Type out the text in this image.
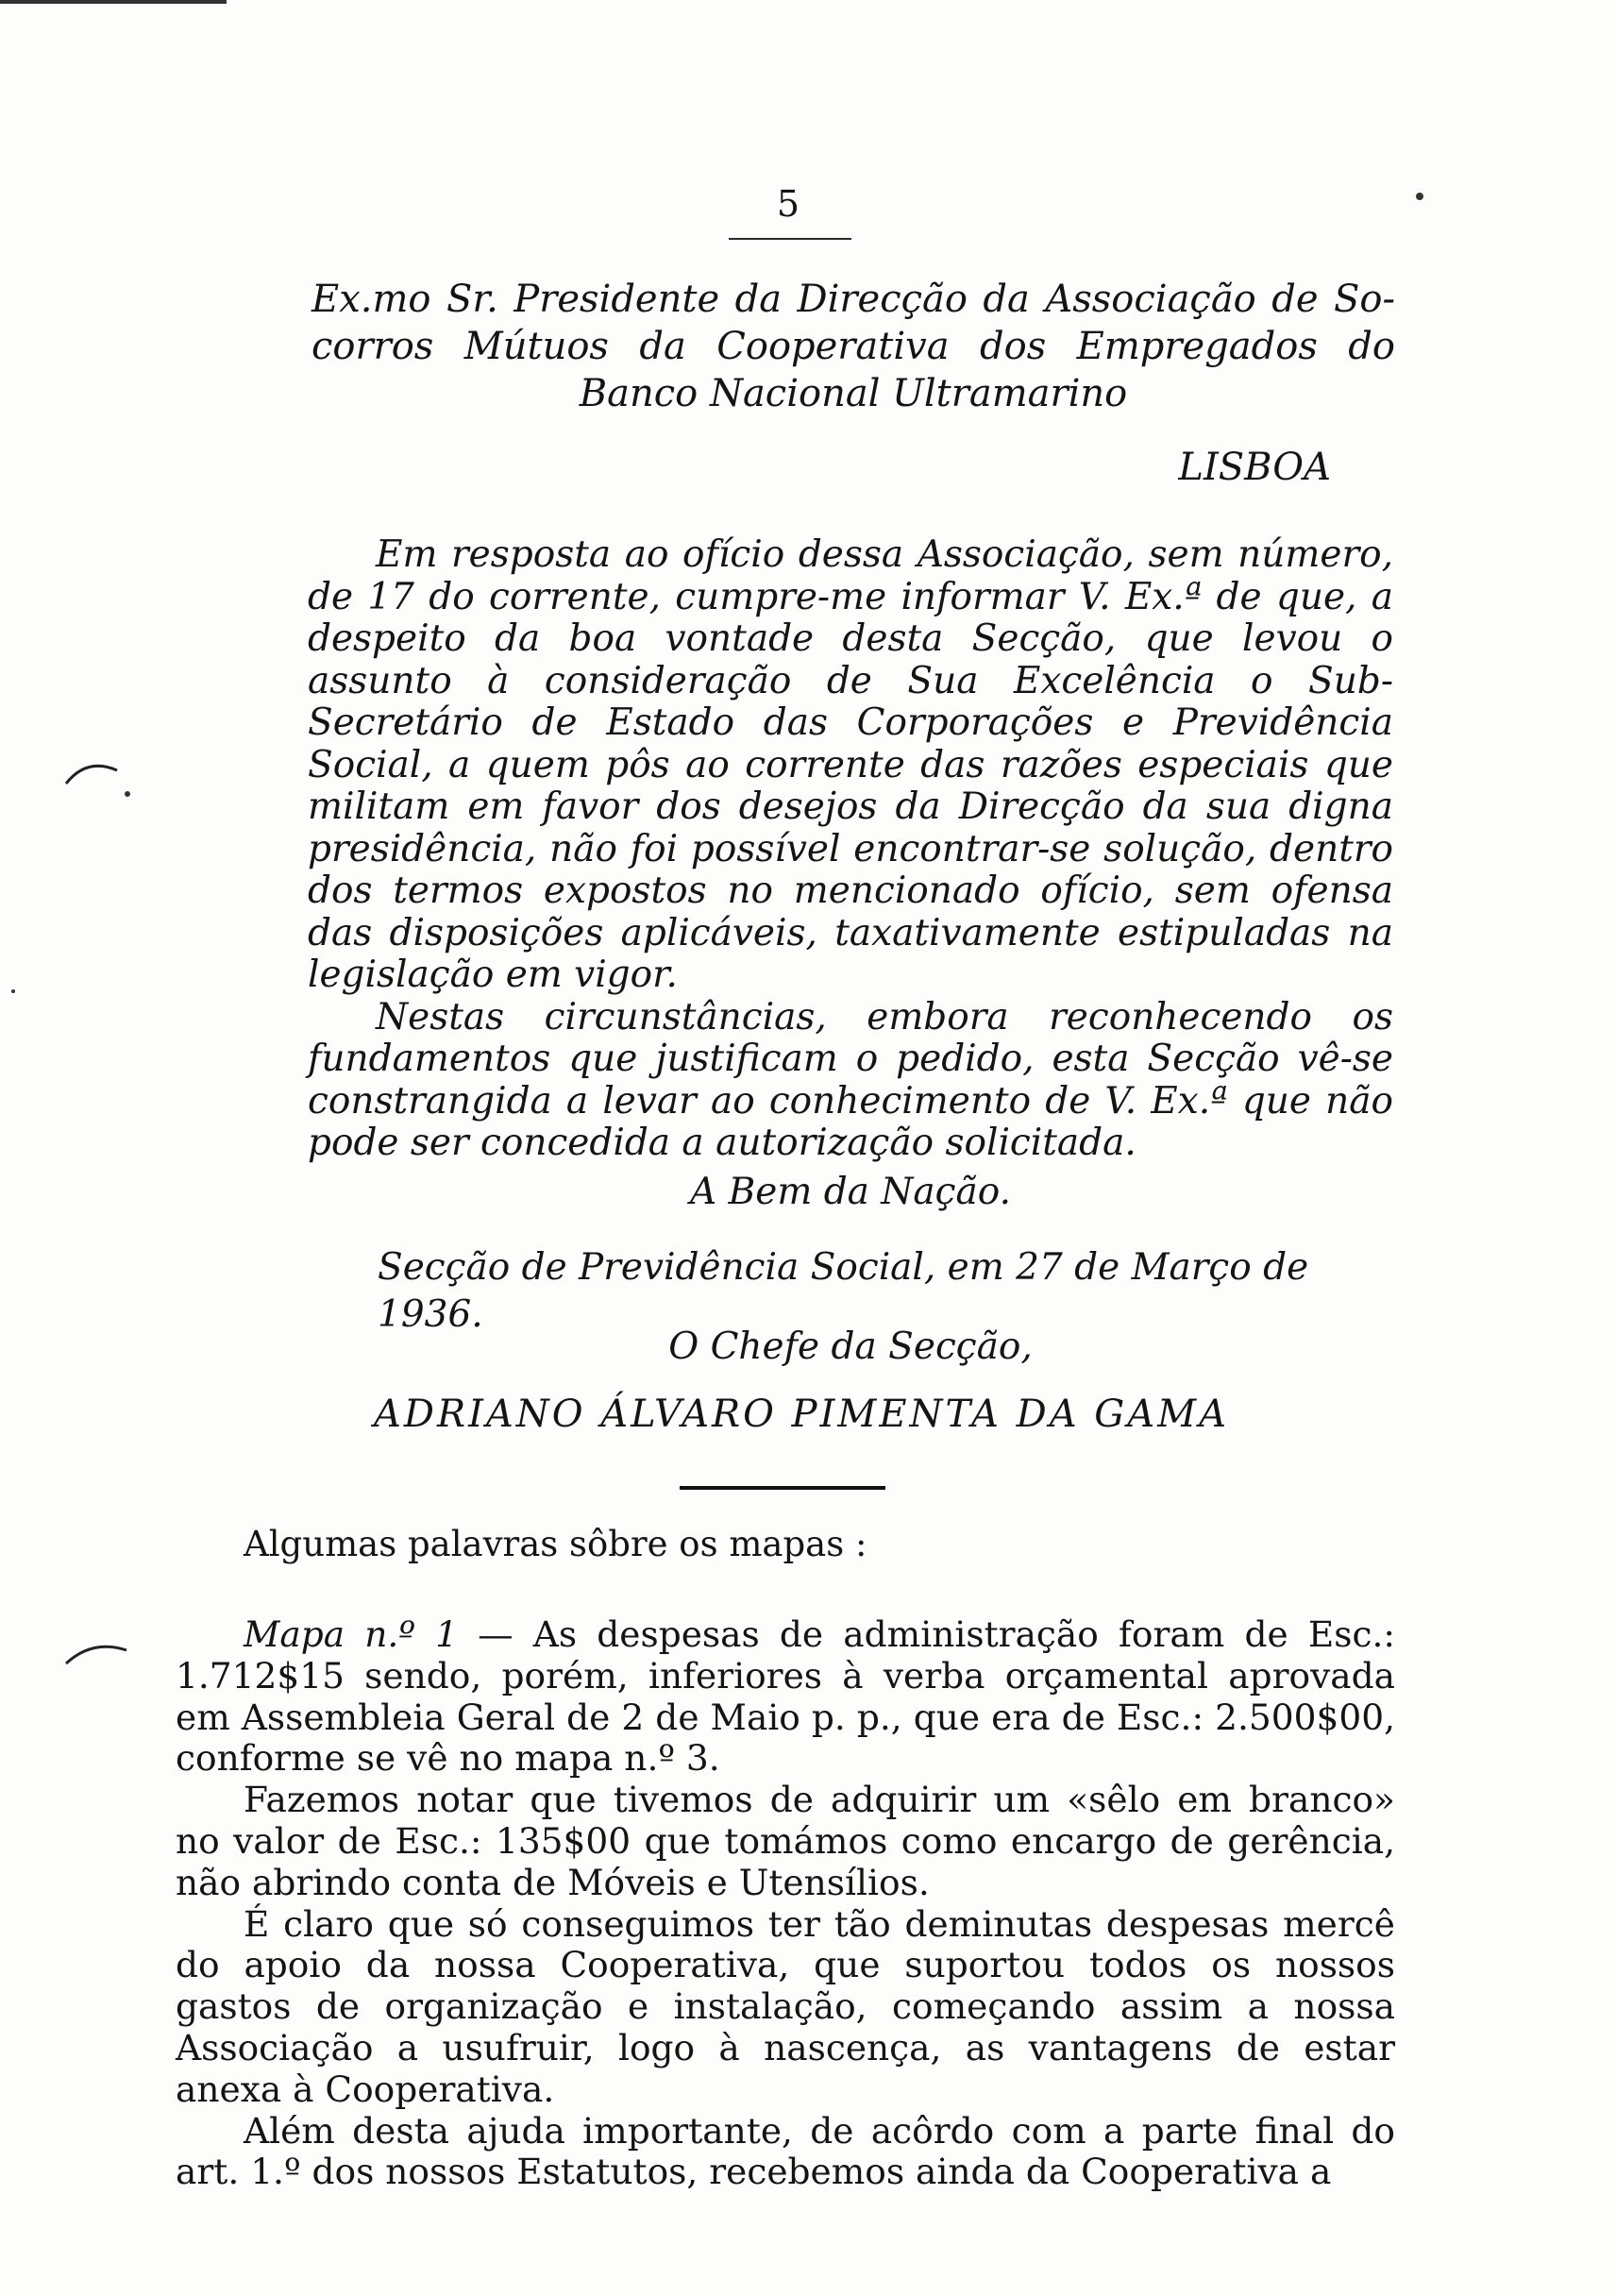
5
Ex.mo Sr. Presidente da Direcção da Associação de So-
corros Mútuos da Cooperativa dos Empregados do
Banco Nacional Ultramarino
LISBOA

Em resposta ao ofício dessa Associação, sem número, de 17 do corrente, cumpre-me informar V. Ex.ª de que, a despeito da boa vontade desta Secção, que levou o assunto à consideração de Sua Excelência o Sub-Secretário de Estado das Corporações e Previdência Social, a quem pôs ao corrente das razões especiais que militam em favor dos desejos da Direcção da sua digna presidência, não foi possível encontrar-se solução, dentro dos termos expostos no mencionado ofício, sem ofensa das disposições aplicáveis, taxativamente estipuladas na legislação em vigor.

Nestas circunstâncias, embora reconhecendo os fundamentos que justificam o pedido, esta Secção vê-se constrangida a levar ao conhecimento de V. Ex.ª que não pode ser concedida a autorização solicitada.

A Bem da Nação.
Secção de Previdência Social, em 27 de Março de 1936.
O Chefe da Secção,
ADRIANO ÁLVARO PIMENTA DA GAMA
Algumas palavras sôbre os mapas :

Mapa n.º 1 — As despesas de administração foram de Esc.: 1.712$15 sendo, porém, inferiores à verba orçamental aprovada em Assembleia Geral de 2 de Maio p. p., que era de Esc.: 2.500$00, conforme se vê no mapa n.º 3.

Fazemos notar que tivemos de adquirir um «sêlo em branco» no valor de Esc.: 135$00 que tomámos como encargo de gerência, não abrindo conta de Móveis e Utensílios.

É claro que só conseguimos ter tão deminutas despesas mercê do apoio da nossa Cooperativa, que suportou todos os nossos gastos de organização e instalação, começando assim a nossa Associação a usufruir, logo à nascença, as vantagens de estar anexa à Cooperativa.

Além desta ajuda importante, de acôrdo com a parte final do art. 1.º dos nossos Estatutos, recebemos ainda da Cooperativa a
